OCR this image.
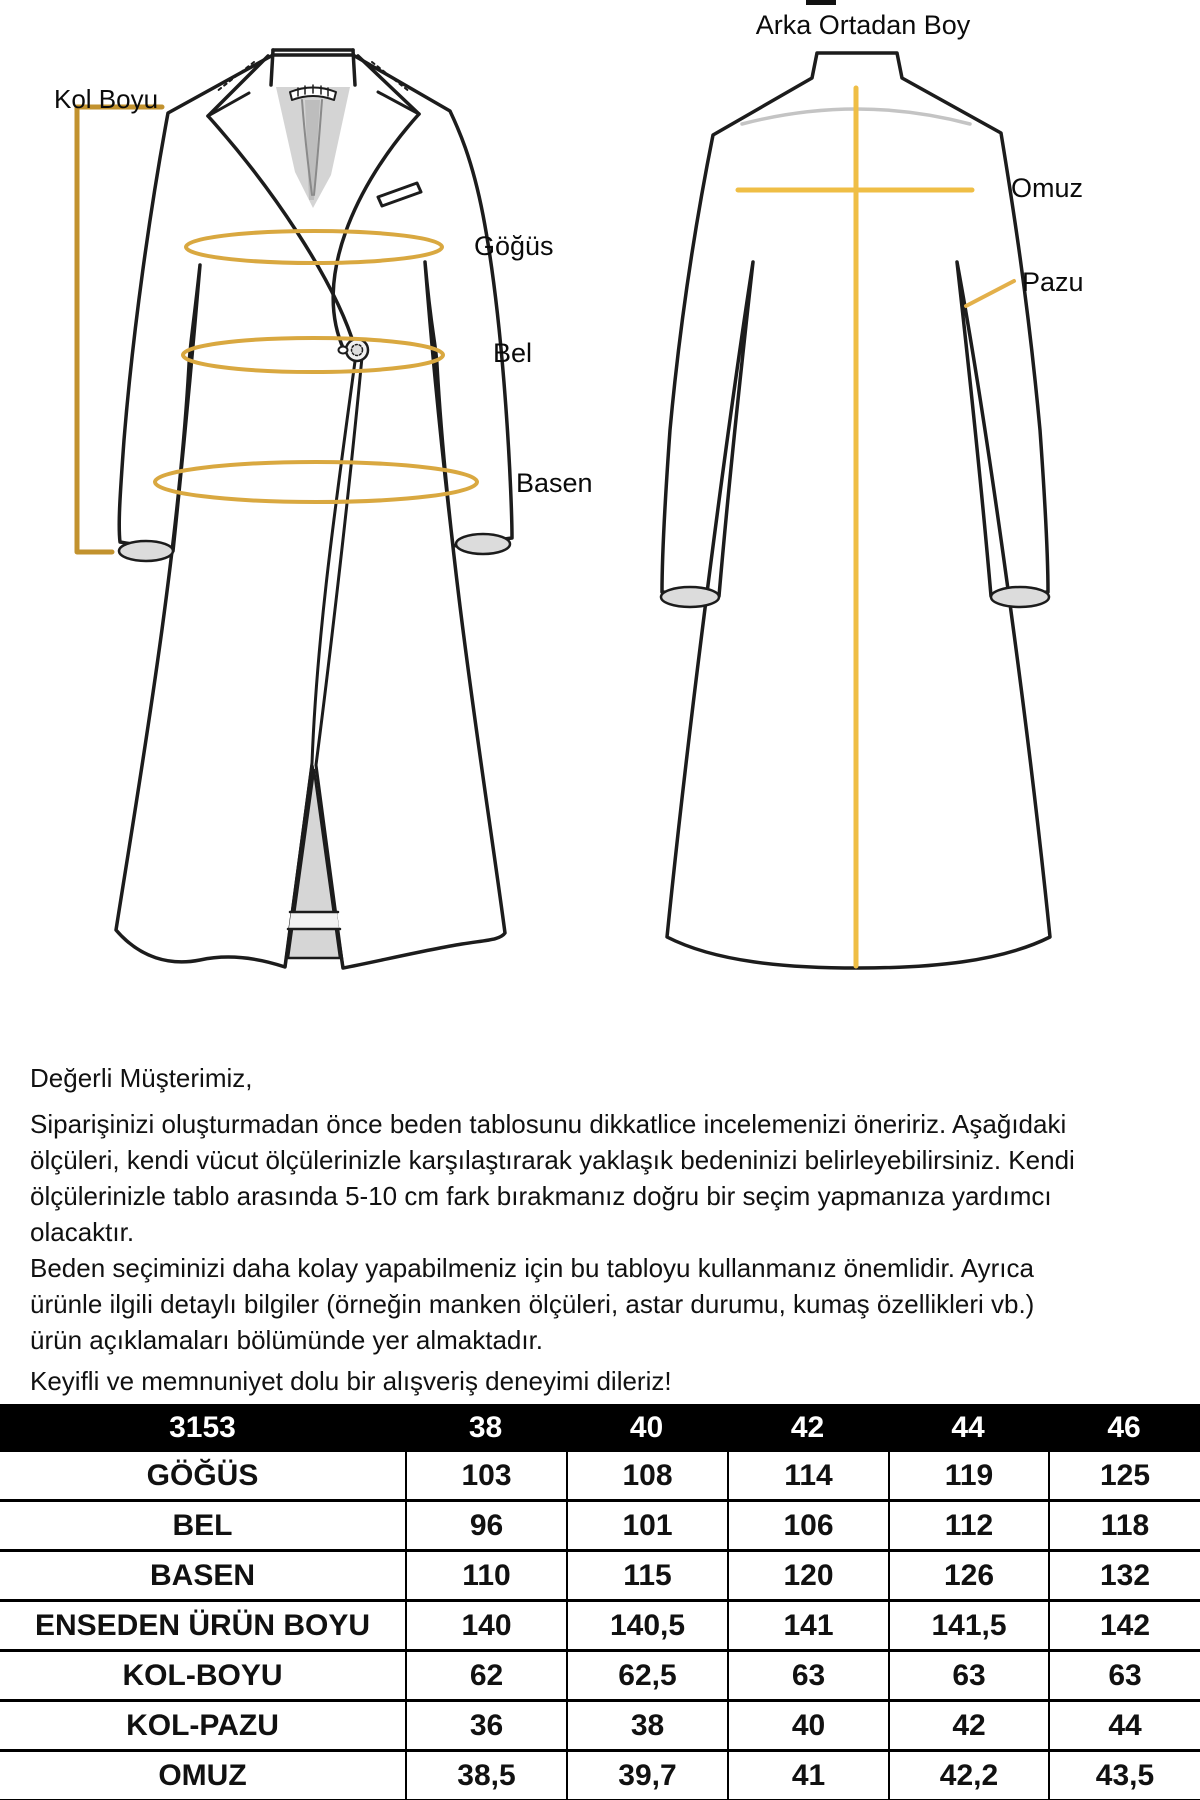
Kol Boyu
Arka Ortadan Boy
Göğüs
Bel
Basen
Omuz
Pazu

Değerli Müşterimiz,

Siparişinizi oluşturmadan önce beden tablosunu dikkatlice incelemenizi öneririz. Aşağıdaki
ölçüleri, kendi vücut ölçülerinizle karşılaştırarak yaklaşık bedeninizi belirleyebilirsiniz. Kendi
ölçülerinizle tablo arasında 5-10 cm fark bırakmanız doğru bir seçim yapmanıza yardımcı
olacaktır.
Beden seçiminizi daha kolay yapabilmeniz için bu tabloyu kullanmanız önemlidir. Ayrıca
ürünle ilgili detaylı bilgiler (örneğin manken ölçüleri, astar durumu, kumaş özellikleri vb.)
ürün açıklamaları bölümünde yer almaktadır.
Keyifli ve memnuniyet dolu bir alışveriş deneyimi dileriz!
3153	38	40	42	44	46
GÖĞÜS	103	108	114	119	125
BEL	96	101	106	112	118
BASEN	110	115	120	126	132
ENSEDEN ÜRÜN BOYU	140	140,5	141	141,5	142
KOL-BOYU	62	62,5	63	63	63
KOL-PAZU	36	38	40	42	44
OMUZ	38,5	39,7	41	42,2	43,5
